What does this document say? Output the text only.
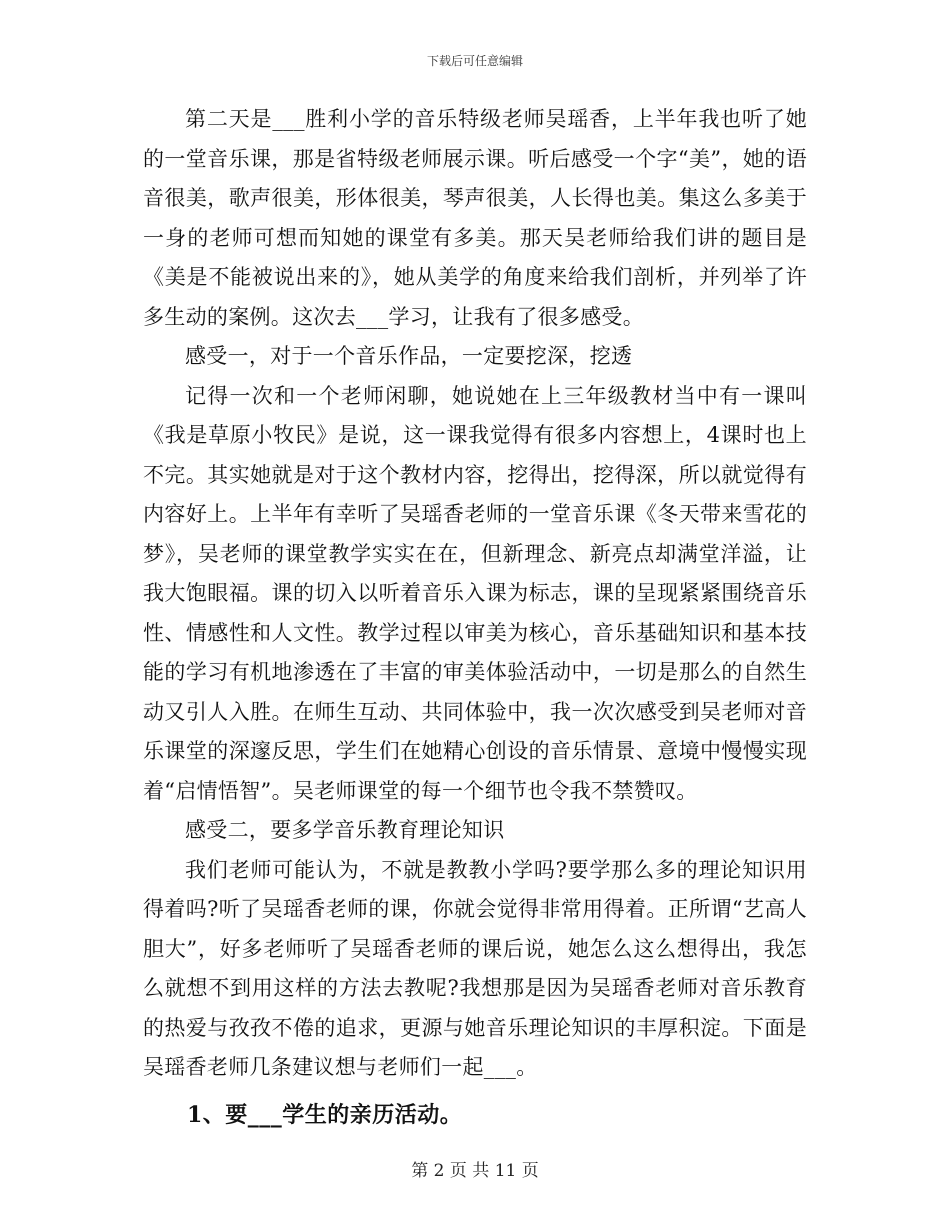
下载后可任意编辑

第二天是___胜利小学的音乐特级老师吴瑶香，上半年我也听了她的一堂音乐课，那是省特级老师展示课。听后感受一个字“美”，她的语音很美，歌声很美，形体很美，琴声很美，人长得也美。集这么多美于一身的老师可想而知她的课堂有多美。那天吴老师给我们讲的题目是《美是不能被说出来的》，她从美学的角度来给我们剖析，并列举了许多生动的案例。这次去___学习，让我有了很多感受。

感受一，对于一个音乐作品，一定要挖深，挖透

记得一次和一个老师闲聊，她说她在上三年级教材当中有一课叫《我是草原小牧民》是说，这一课我觉得有很多内容想上，4课时也上不完。其实她就是对于这个教材内容，挖得出，挖得深，所以就觉得有内容好上。上半年有幸听了吴瑶香老师的一堂音乐课《冬天带来雪花的梦》，吴老师的课堂教学实实在在，但新理念、新亮点却满堂洋溢，让我大饱眼福。课的切入以听着音乐入课为标志，课的呈现紧紧围绕音乐性、情感性和人文性。教学过程以审美为核心，音乐基础知识和基本技能的学习有机地渗透在了丰富的审美体验活动中，一切是那么的自然生动又引人入胜。在师生互动、共同体验中，我一次次感受到吴老师对音乐课堂的深邃反思，学生们在她精心创设的音乐情景、意境中慢慢实现着“启情悟智”。吴老师课堂的每一个细节也令我不禁赞叹。

感受二，要多学音乐教育理论知识

我们老师可能认为，不就是教教小学吗?要学那么多的理论知识用得着吗?听了吴瑶香老师的课，你就会觉得非常用得着。正所谓“艺高人胆大”，好多老师听了吴瑶香老师的课后说，她怎么这么想得出，我怎么就想不到用这样的方法去教呢?我想那是因为吴瑶香老师对音乐教育的热爱与孜孜不倦的追求，更源与她音乐理论知识的丰厚积淀。下面是吴瑶香老师几条建议想与老师们一起___。

1、要___学生的亲历活动。

第 2 页 共 11 页
